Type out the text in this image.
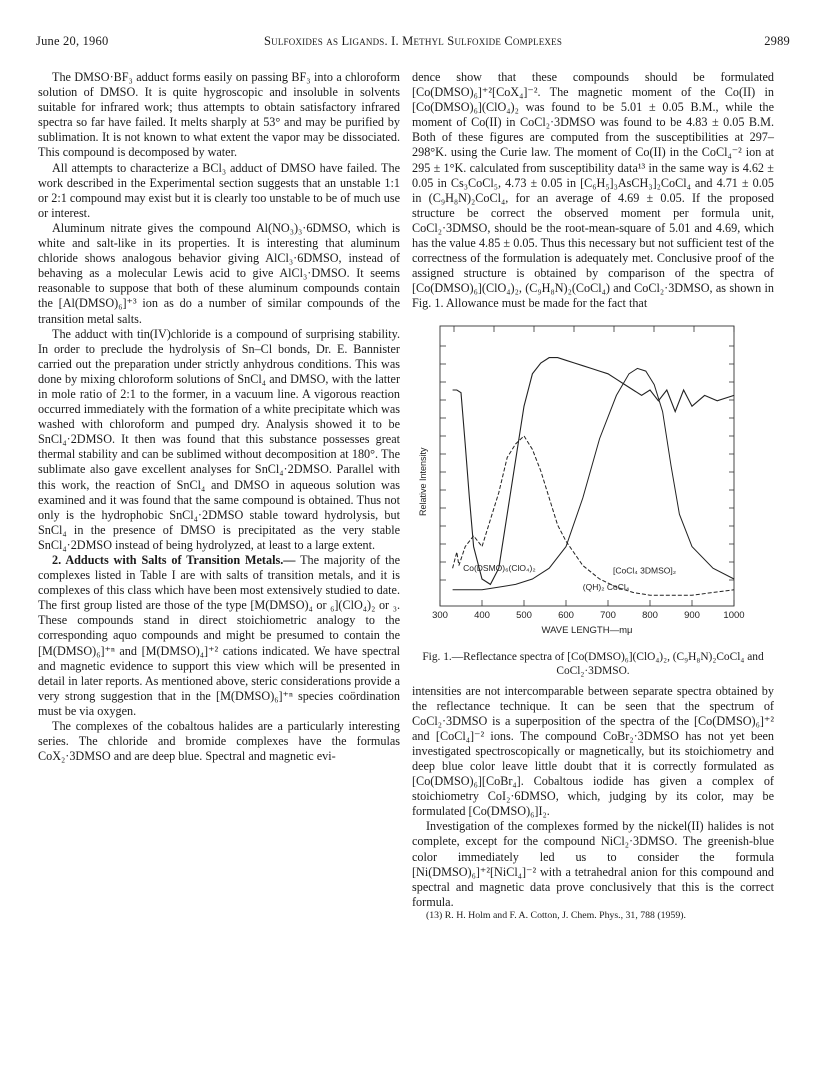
June 20, 1960	Sulfoxides as Ligands. I. Methyl Sulfoxide Complexes	2989

The DMSO·BF₃ adduct forms easily on passing BF₃ into a chloroform solution of DMSO. It is quite hygroscopic and insoluble in solvents suitable for infrared work; thus attempts to obtain satisfactory infrared spectra so far have failed. It melts sharply at 53° and may be purified by sublimation. It is not known to what extent the vapor may be dissociated. This compound is decomposed by water.

All attempts to characterize a BCl₃ adduct of DMSO have failed. The work described in the Experimental section suggests that an unstable 1:1 or 2:1 compound may exist but it is clearly too unstable to be of much use or interest.

Aluminum nitrate gives the compound Al(NO₃)₃·6DMSO, which is white and salt-like in its properties. It is interesting that aluminum chloride shows analogous behavior giving AlCl₃·6DMSO, instead of behaving as a molecular Lewis acid to give AlCl₃·DMSO. It seems reasonable to suppose that both of these aluminum compounds contain the [Al(DMSO)₆]⁺³ ion as do a number of similar compounds of the transition metal salts.

The adduct with tin(IV)chloride is a compound of surprising stability. In order to preclude the hydrolysis of Sn–Cl bonds, Dr. E. Bannister carried out the preparation under strictly anhydrous conditions. This was done by mixing chloroform solutions of SnCl₄ and DMSO, with the latter in mole ratio of 2:1 to the former, in a vacuum line. A vigorous reaction occurred immediately with the formation of a white precipitate which was washed with chloroform and pumped dry. Analysis showed it to be SnCl₄·2DMSO. It then was found that this substance possesses great thermal stability and can be sublimed without decomposition at 180°. The sublimate also gave excellent analyses for SnCl₄·2DMSO. Parallel with this work, the reaction of SnCl₄ and DMSO in aqueous solution was examined and it was found that the same compound is obtained. Thus not only is the hydrophobic SnCl₄·2DMSO stable toward hydrolysis, but SnCl₄ in the presence of DMSO is precipitated as the very stable SnCl₄·2DMSO instead of being hydrolyzed, at least to a large extent.

2. Adducts with Salts of Transition Metals.— The majority of the complexes listed in Table I are with salts of transition metals, and it is complexes of this class which have been most extensively studied to date. The first group listed are those of the type [M(DMSO)₄ or ₆](ClO₄)₂ or ₃. These compounds stand in direct stoichiometric analogy to the corresponding aquo compounds and might be presumed to contain the [M(DMSO)₆]⁺ⁿ and [M(DMSO)₄]⁺² cations indicated. We have spectral and magnetic evidence to support this view which will be presented in detail in later reports. As mentioned above, steric considerations provide a very strong suggestion that in the [M(DMSO)₆]⁺ⁿ species coördination must be via oxygen.

The complexes of the cobaltous halides are a particularly interesting series. The chloride and bromide complexes have the formulas CoX₂·3DMSO and are deep blue. Spectral and magnetic evi-

dence show that these compounds should be formulated [Co(DMSO)₆]⁺²[CoX₄]⁻². The magnetic moment of the Co(II) in [Co(DMSO)₆](ClO₄)₂ was found to be 5.01 ± 0.05 B.M., while the moment of Co(II) in CoCl₂·3DMSO was found to be 4.83 ± 0.05 B.M. Both of these figures are computed from the susceptibilities at 297–298°K. using the Curie law. The moment of Co(II) in the CoCl₄⁻² ion at 295 ± 1°K. calculated from susceptibility data¹³ in the same way is 4.62 ± 0.05 in Cs₃CoCl₅, 4.73 ± 0.05 in [C₆H₅]₃AsCH₃]₂CoCl₄ and 4.71 ± 0.05 in (C₉H₈N)₂CoCl₄, for an average of 4.69 ± 0.05. If the proposed structure be correct the observed moment per formula unit, CoCl₂·3DMSO, should be the root-mean-square of 5.01 and 4.69, which has the value 4.85 ± 0.05. Thus this necessary but not sufficient test of the correctness of the formulation is adequately met. Conclusive proof of the assigned structure is obtained by comparison of the spectra of [Co(DMSO)₆](ClO₄)₂, (C₉H₈N)₂(CoCl₄) and CoCl₂·3DMSO, as shown in Fig. 1. Allowance must be made for the fact that

300	400	500	600	700	800	900 1000
Co(DSMO)₆(ClO₄)₂	[CoCl₄ 3DMSO]₂
(QH)₂ CoCl₄
Relative Intensity
WAVE LENGTH—mμ
Fig. 1.—Reflectance spectra of [Co(DMSO)₆](ClO₄)₂, (C₉H₈N)₂CoCl₄ and CoCl₂·3DMSO.

intensities are not intercomparable between separate spectra obtained by the reflectance technique. It can be seen that the spectrum of CoCl₂·3DMSO is a superposition of the spectra of the [Co(DMSO)₆]⁺² and [CoCl₄]⁻² ions. The compound CoBr₂·3DMSO has not yet been investigated spectroscopically or magnetically, but its stoichiometry and deep blue color leave little doubt that it is correctly formulated as [Co(DMSO)₆][CoBr₄]. Cobaltous iodide has given a complex of stoichiometry CoI₂·6DMSO, which, judging by its color, may be formulated [Co(DMSO)₆]I₂.

Investigation of the complexes formed by the nickel(II) halides is not complete, except for the compound NiCl₂·3DMSO. The greenish-blue color immediately led us to consider the formula [Ni(DMSO)₆]⁺²[NiCl₄]⁻² with a tetrahedral anion for this compound and spectral and magnetic data prove conclusively that this is the correct formula.

(13) R. H. Holm and F. A. Cotton, J. Chem. Phys., 31, 788 (1959).
